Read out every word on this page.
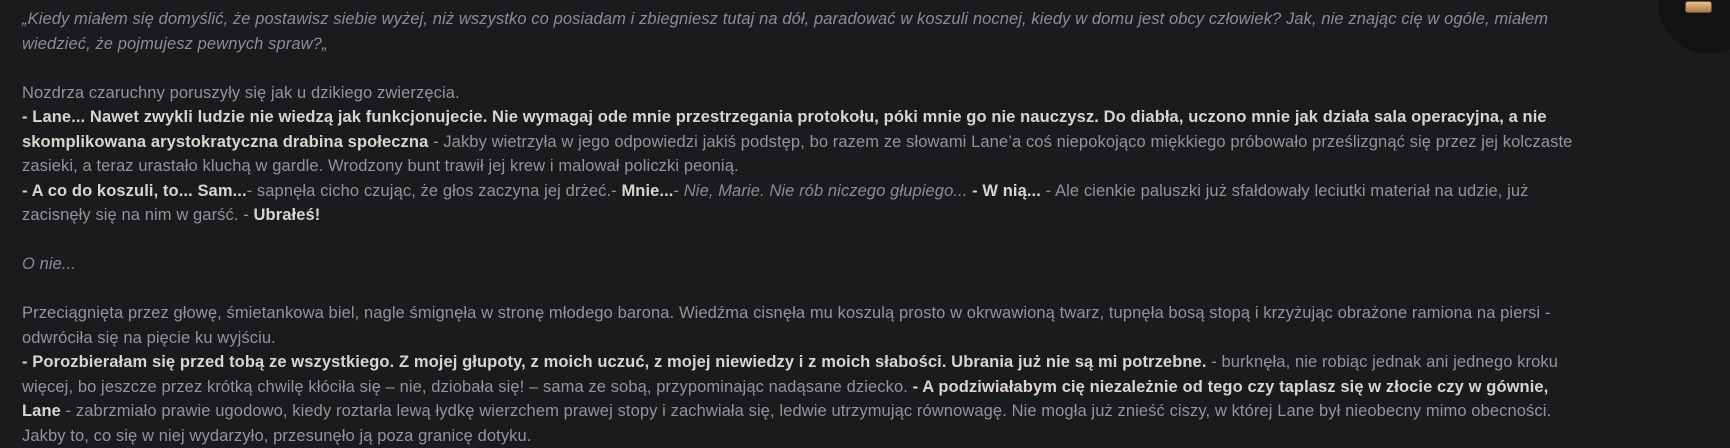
„Kiedy miałem się domyślić, że postawisz siebie wyżej, niż wszystko co posiadam i zbiegniesz tutaj na dół, paradować w koszuli nocnej, kiedy w domu jest obcy człowiek? Jak, nie znając cię w ogóle, miałem wiedzieć, że pojmujesz pewnych spraw?„

Nozdrza czaruchny poruszyły się jak u dzikiego zwierzęcia.

- Lane... Nawet zwykli ludzie nie wiedzą jak funkcjonujecie. Nie wymagaj ode mnie przestrzegania protokołu, póki mnie go nie nauczysz. Do diabła, uczono mnie jak działa sala operacyjna, a nie skomplikowana arystokratyczna drabina społeczna - Jakby wietrzyła w jego odpowiedzi jakiś podstęp, bo razem ze słowami Lane’a coś niepokojąco miękkiego próbowało prześlizgnąć się przez jej kolczaste zasieki, a teraz urastało kluchą w gardle. Wrodzony bunt trawił jej krew i malował policzki peonią.

- A co do koszuli, to... Sam...- sapnęła cicho czując, że głos zaczyna jej drżeć.- Mnie...- Nie, Marie. Nie rób niczego głupiego... - W nią... - Ale cienkie paluszki już sfałdowały leciutki materiał na udzie, już zacisnęły się na nim w garść. - Ubrałeś!

O nie...

Przeciągnięta przez głowę, śmietankowa biel, nagle śmignęła w stronę młodego barona. Wiedźma cisnęła mu koszulą prosto w okrwawioną twarz, tupnęła bosą stopą i krzyżując obrażone ramiona na piersi - odwróciła się na pięcie ku wyjściu.

- Porozbierałam się przed tobą ze wszystkiego. Z mojej głupoty, z moich uczuć, z mojej niewiedzy i z moich słabości. Ubrania już nie są mi potrzebne. - burknęła, nie robiąc jednak ani jednego kroku więcej, bo jeszcze przez krótką chwilę kłóciła się – nie, dziobała się! – sama ze sobą, przypominając nadąsane dziecko. - A podziwiałabym cię niezależnie od tego czy taplasz się w złocie czy w gównie, Lane - zabrzmiało prawie ugodowo, kiedy roztarła lewą łydkę wierzchem prawej stopy i zachwiała się, ledwie utrzymując równowagę. Nie mogła już znieść ciszy, w której Lane był nieobecny mimo obecności. Jakby to, co się w niej wydarzyło, przesunęło ją poza granicę dotyku.
